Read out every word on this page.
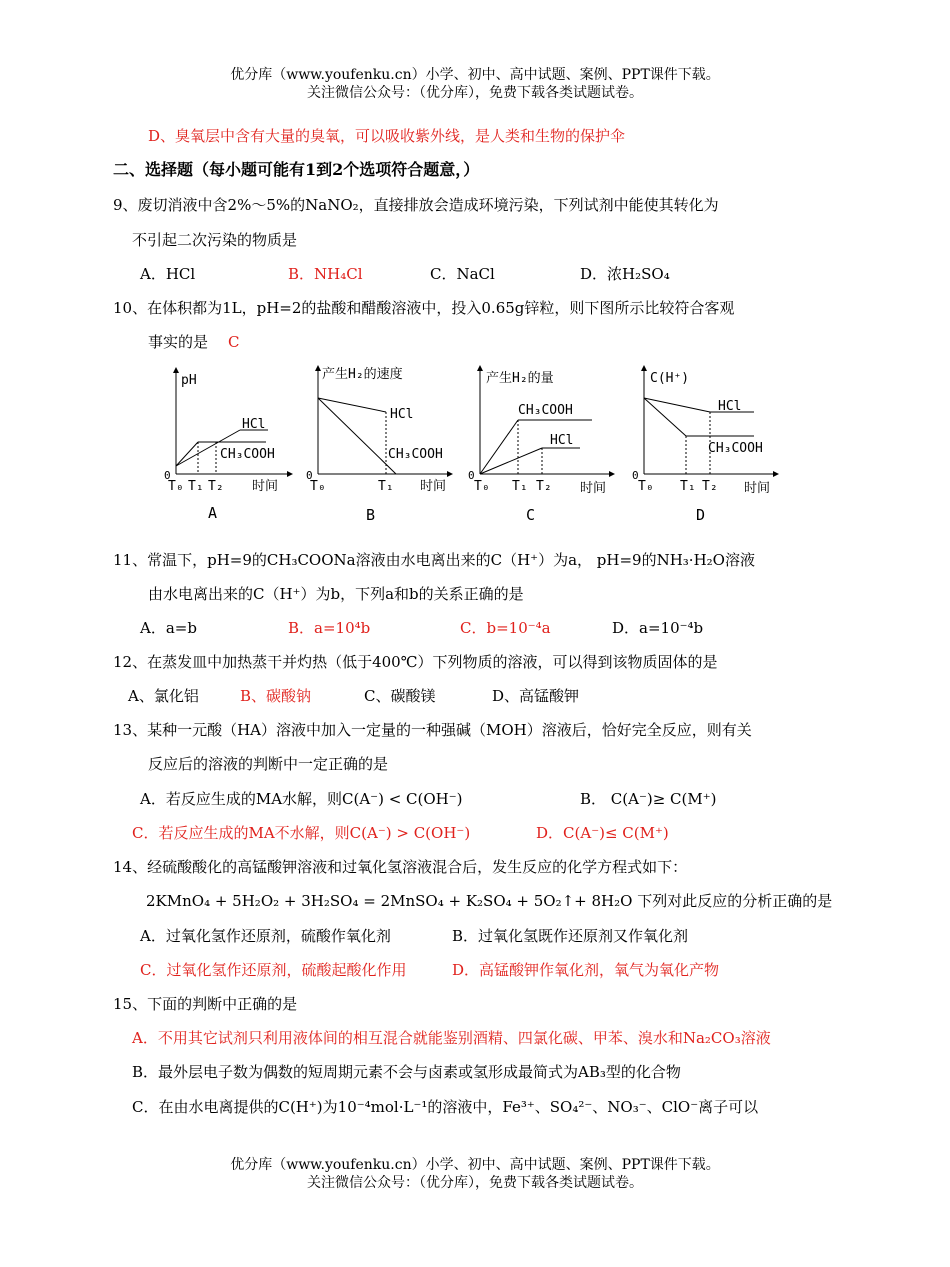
优分库（www.youfenku.cn）小学、初中、高中试题、案例、PPT课件下载。
关注微信公众号：（优分库），免费下载各类试题试卷。
D、臭氧层中含有大量的臭氧，可以吸收紫外线，是人类和生物的保护伞
二、选择题（每小题可能有1到2个选项符合题意，）
9、废切消液中含2%～5%的NaNO₂，直接排放会造成环境污染，下列试剂中能使其转化为
不引起二次污染的物质是
A．HCl	B．NH₄Cl	C．NaCl	D．浓H₂SO₄
10、在体积都为1L，pH=2的盐酸和醋酸溶液中，投入0.65g锌粒，则下图所示比较符合客观
事实的是 C
pH
0
HCl
CH₃COOH
T₀ T₁ T₂ 时间
A
产生H₂的速度
0
HCl
CH₃COOH
T₀	T₁ 时间
B
产生H₂的量
0
CH₃COOH
HCl
T₀ T₁ T₂ 时间
C
C(H⁺)
0
HCl
CH₃COOH
T₀ T₁ T₂ 时间
D
11、常温下，pH=9的CH₃COONa溶液由水电离出来的C（H⁺）为a， pH=9的NH₃·H₂O溶液
由水电离出来的C（H⁺）为b，下列a和b的关系正确的是
A．a=b	B．a=10⁴b	C．b=10⁻⁴a	D．a=10⁻⁴b
12、在蒸发皿中加热蒸干并灼热（低于400℃）下列物质的溶液，可以得到该物质固体的是
A、氯化铝	B、碳酸钠	C、碳酸镁	D、高锰酸钾
13、某种一元酸（HA）溶液中加入一定量的一种强碱（MOH）溶液后，恰好完全反应，则有关
反应后的溶液的判断中一定正确的是
A．若反应生成的MA水解，则C(A⁻) < C(OH⁻)	B． C(A⁻)≥ C(M⁺)
C．若反应生成的MA不水解，则C(A⁻) > C(OH⁻)	D．C(A⁻)≤ C(M⁺)
14、经硫酸酸化的高锰酸钾溶液和过氧化氢溶液混合后，发生反应的化学方程式如下：
2KMnO₄ + 5H₂O₂ + 3H₂SO₄ = 2MnSO₄ + K₂SO₄ + 5O₂↑+ 8H₂O 下列对此反应的分析正确的是
A．过氧化氢作还原剂，硫酸作氧化剂	B．过氧化氢既作还原剂又作氧化剂
C．过氧化氢作还原剂，硫酸起酸化作用	D．高锰酸钾作氧化剂，氧气为氧化产物
15、下面的判断中正确的是
A．不用其它试剂只利用液体间的相互混合就能鉴别酒精、四氯化碳、甲苯、溴水和Na₂CO₃溶液
B．最外层电子数为偶数的短周期元素不会与卤素或氢形成最简式为AB₃型的化合物
C．在由水电离提供的C(H⁺)为10⁻⁴mol·L⁻¹的溶液中，Fe³⁺、SO₄²⁻、NO₃⁻、ClO⁻离子可以
优分库（www.youfenku.cn）小学、初中、高中试题、案例、PPT课件下载。
关注微信公众号：（优分库），免费下载各类试题试卷。
